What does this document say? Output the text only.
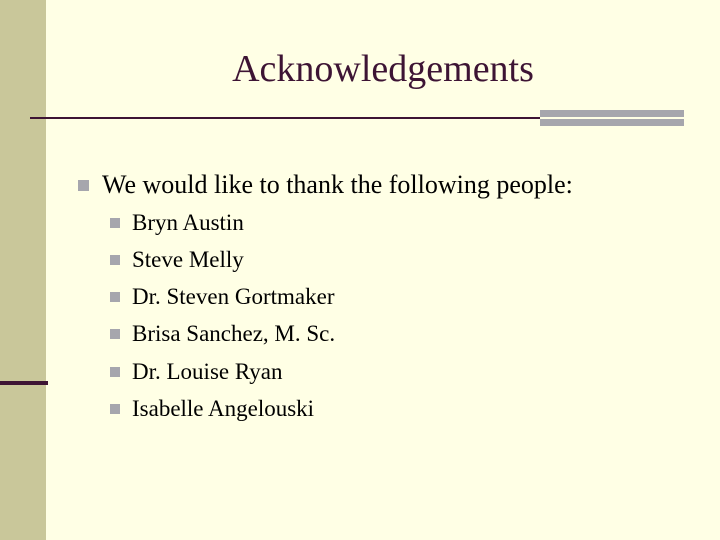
Acknowledgements
We would like to thank the following people:
Bryn Austin
Steve Melly
Dr. Steven Gortmaker
Brisa Sanchez, M. Sc.
Dr. Louise Ryan
Isabelle Angelouski
